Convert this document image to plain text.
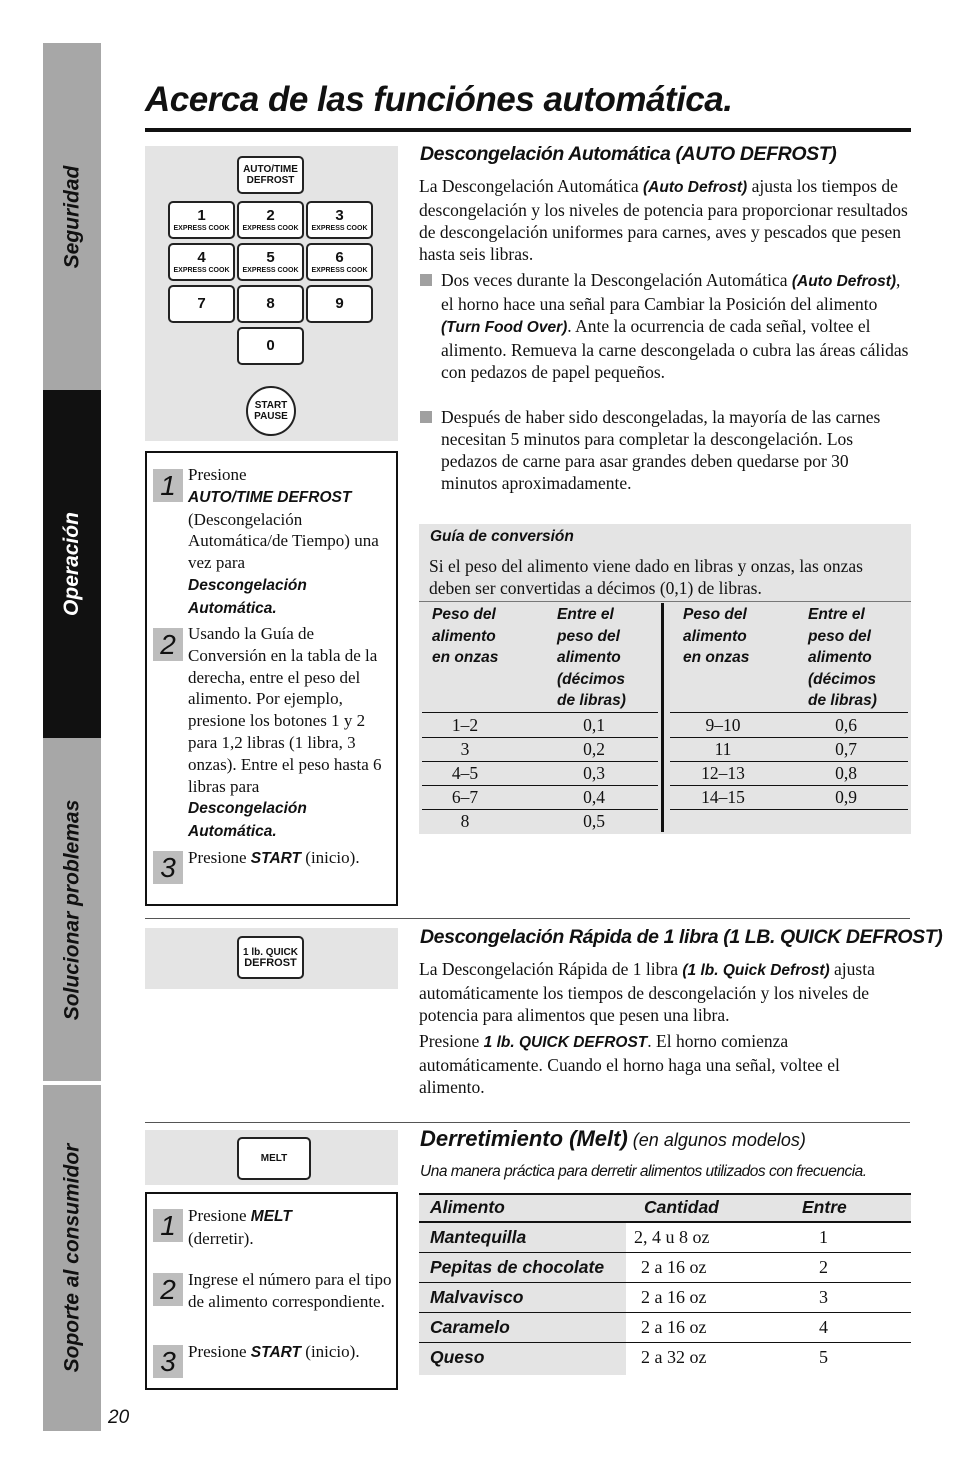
Seguridad
Operación
Solucionar problemas
Soporte al consumidor
Acerca de las funciónes automática.
AUTO/TIME
DEFROST
1
EXPRESS COOK
2
EXPRESS COOK
3
EXPRESS COOK
4
EXPRESS COOK
5
EXPRESS COOK
6
EXPRESS COOK
7	8	9
0
START
PAUSE
1 Presione
AUTO/TIME DEFROST
(Descongelación Automática/de Tiempo) una vez para
Descongelación Automática.
2 Usando la Guía de Conversión en la tabla de la derecha, entre el peso del alimento. Por ejemplo, presione los botones 1 y 2 para 1,2 libras (1 libra, 3 onzas). Entre el peso hasta 6 libras para
Descongelación Automática.
3 Presione START (inicio).
Descongelación Automática (AUTO DEFROST)
La Descongelación Automática (Auto Defrost) ajusta los tiempos de descongelación y los niveles de potencia para proporcionar resultados de descongelación uniformes para carnes, aves y pescados que pesen hasta seis libras.
Dos veces durante la Descongelación Automática (Auto Defrost), el horno hace una señal para Cambiar la Posición del alimento (Turn Food Over). Ante la ocurrencia de cada señal, voltee el alimento. Remueva la carne descongelada o cubra las áreas cálidas con pedazos de papel pequeños.
Después de haber sido descongeladas, la mayoría de las carnes necesitan 5 minutos para completar la descongelación. Los pedazos de carne para asar grandes deben quedarse por 30 minutos aproximadamente.
Guía de conversión
Si el peso del alimento viene dado en libras y onzas, las onzas deben ser convertidas a décimos (0,1) de libras.
Peso del
alimento
en onzas
Entre el
peso del
alimento
(décimos
de libras)
Peso del
alimento
en onzas
Entre el
peso del
alimento
(décimos
de libras)
1–2	0,1
3	0,2
4–5	0,3
6–7	0,4
8	0,5
9–10	0,6
11	0,7
12–13	0,8
14–15	0,9
1 lb. QUICK
DEFROST
Descongelación Rápida de 1 libra (1 LB. QUICK DEFROST)
La Descongelación Rápida de 1 libra (1 lb. Quick Defrost) ajusta automáticamente los tiempos de descongelación y los niveles de potencia para alimentos que pesen una libra.
Presione 1 lb. QUICK DEFROST. El horno comienza automáticamente. Cuando el horno haga una señal, voltee el alimento.
MELT
1 Presione MELT
(derretir).
2 Ingrese el número para el tipo de alimento correspondiente.
3 Presione START (inicio).
Derretimiento (Melt) (en algunos modelos)
Una manera práctica para derretir alimentos utilizados con frecuencia.
Alimento	Cantidad	Entre
Mantequilla	2, 4 u 8 oz	1
Pepitas de chocolate 2 a 16 oz	2
Malvavisco	2 a 16 oz	3
Caramelo	2 a 16 oz	4
Queso	2 a 32 oz	5
20
